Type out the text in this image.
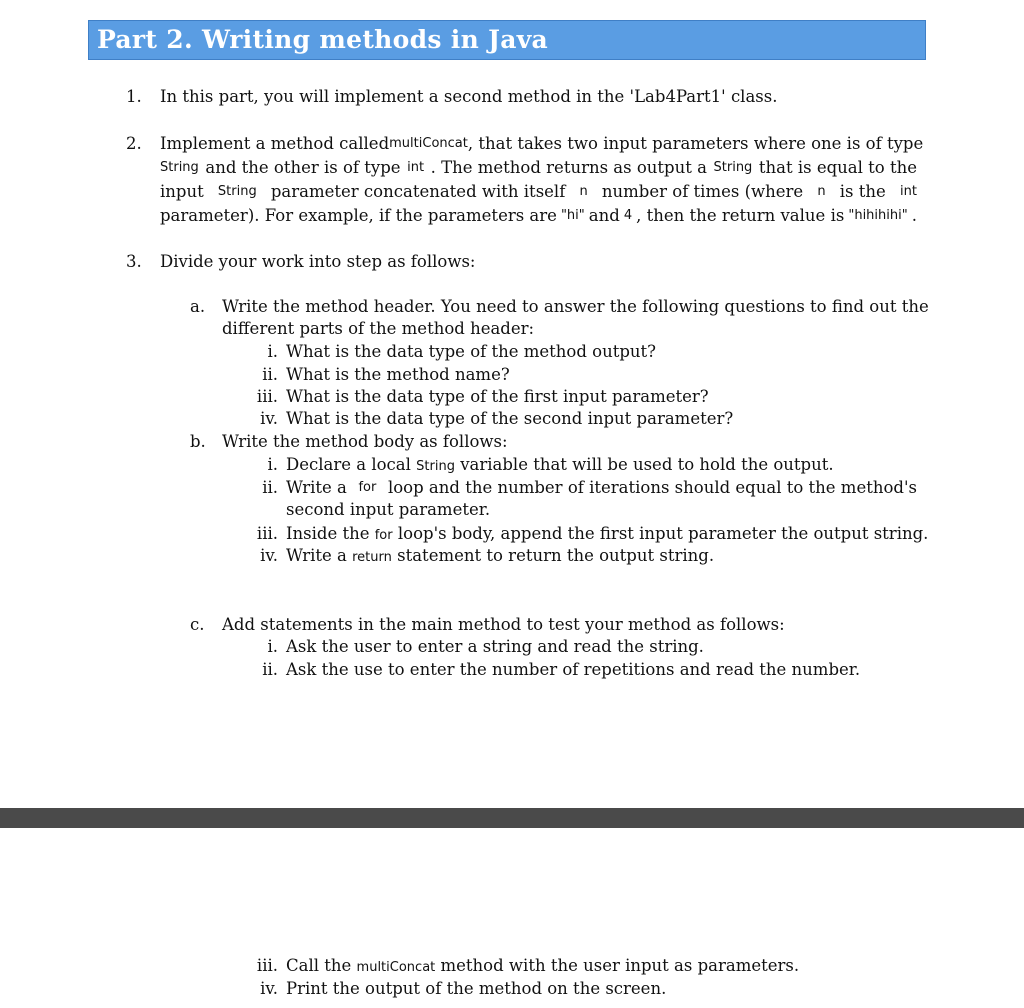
Part 2. Writing methods in Java
1. In this part, you will implement a second method in the 'Lab4Part1' class.
2. Implement a method called multiConcat , that takes two input parameters where one is of type
String and the other is of type int . The method returns as output a String that is equal to the
input String parameter concatenated with itself n number of times (where n is the int
parameter). For example, if the parameters are "hi" and 4 , then the return value is "hihihihi" .
3. Divide your work into step as follows:
a. Write the method header. You need to answer the following questions to find out the
different parts of the method header:
i. What is the data type of the method output?
ii. What is the method name?
iii. What is the data type of the first input parameter?
iv. What is the data type of the second input parameter?
b. Write the method body as follows:
i. Declare a local String variable that will be used to hold the output.
ii. Write a for loop and the number of iterations should equal to the method's
second input parameter.
iii. Inside the for loop's body, append the first input parameter the output string.
iv. Write a return statement to return the output string.
c. Add statements in the main method to test your method as follows:
i. Ask the user to enter a string and read the string.
ii. Ask the use to enter the number of repetitions and read the number.
iii. Call the multiConcat method with the user input as parameters.
iv. Print the output of the method on the screen.
